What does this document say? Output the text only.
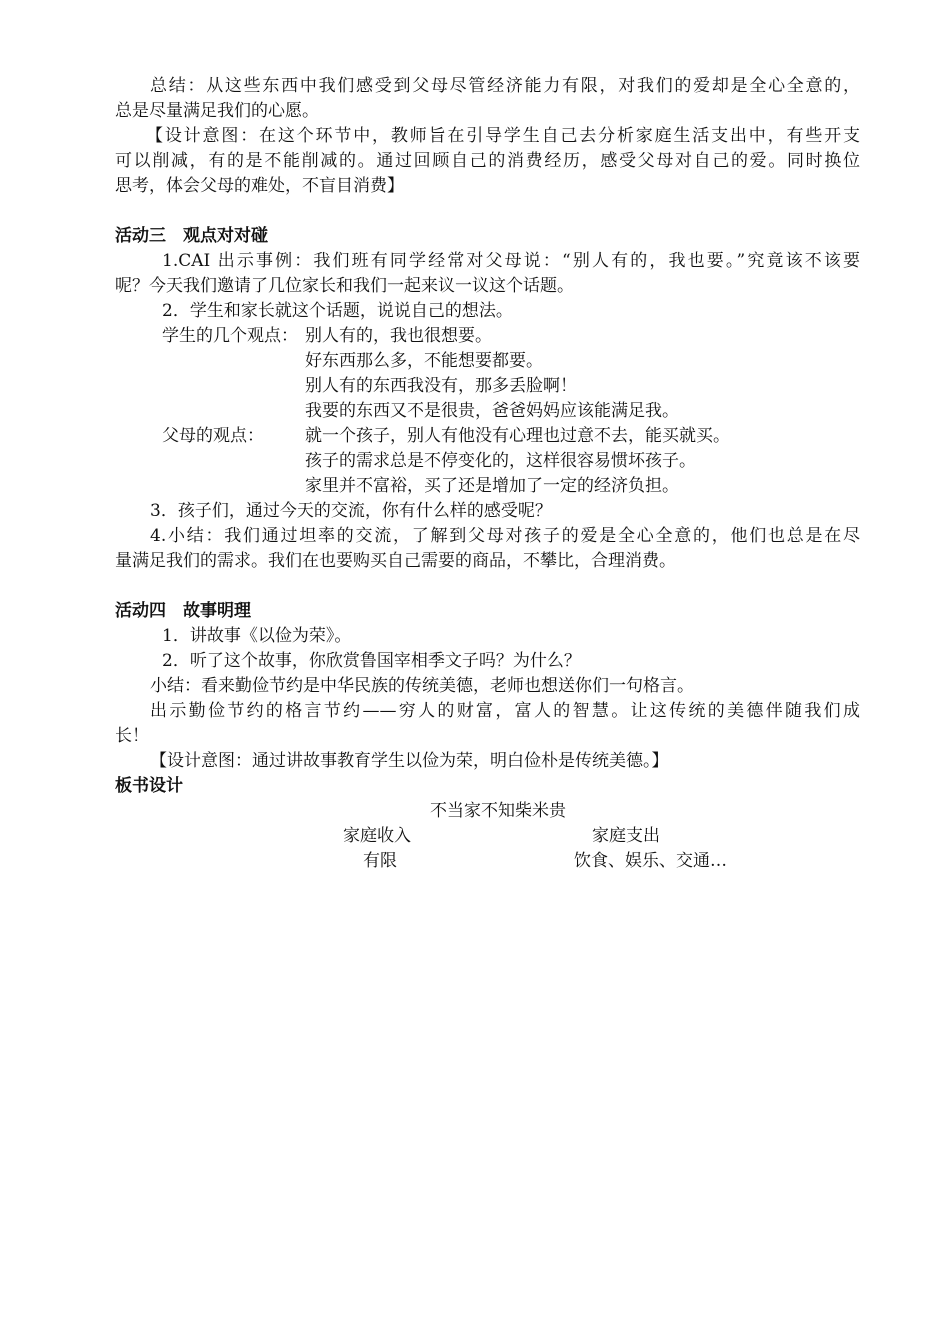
总结：从这些东西中我们感受到父母尽管经济能力有限，对我们的爱却是全心全意的，
总是尽量满足我们的心愿。
【设计意图：在这个环节中，教师旨在引导学生自己去分析家庭生活支出中，有些开支
可以削减，有的是不能削减的。通过回顾自己的消费经历，感受父母对自己的爱。同时换位
思考，体会父母的难处，不盲目消费】
活动三　观点对对碰
1.CAI 出示事例：我们班有同学经常对父母说：“别人有的，我也要。”究竟该不该要
呢？今天我们邀请了几位家长和我们一起来议一议这个话题。
2．学生和家长就这个话题，说说自己的想法。
学生的几个观点： 别人有的，我也很想要。
好东西那么多，不能想要都要。
别人有的东西我没有，那多丢脸啊！
我要的东西又不是很贵，爸爸妈妈应该能满足我。
父母的观点：	就一个孩子，别人有他没有心理也过意不去，能买就买。
孩子的需求总是不停变化的，这样很容易惯坏孩子。
家里并不富裕，买了还是增加了一定的经济负担。
3．孩子们，通过今天的交流，你有什么样的感受呢？
4.小结：我们通过坦率的交流，了解到父母对孩子的爱是全心全意的，他们也总是在尽
量满足我们的需求。我们在也要购买自己需要的商品，不攀比，合理消费。
活动四　故事明理
1．讲故事《以俭为荣》。
2．听了这个故事，你欣赏鲁国宰相季文子吗？为什么？
小结：看来勤俭节约是中华民族的传统美德，老师也想送你们一句格言。
出示勤俭节约的格言节约——穷人的财富，富人的智慧。让这传统的美德伴随我们成
长！
【设计意图：通过讲故事教育学生以俭为荣，明白俭朴是传统美德。】
板书设计
不当家不知柴米贵
家庭收入	家庭支出
有限	饮食、娱乐、交通…
